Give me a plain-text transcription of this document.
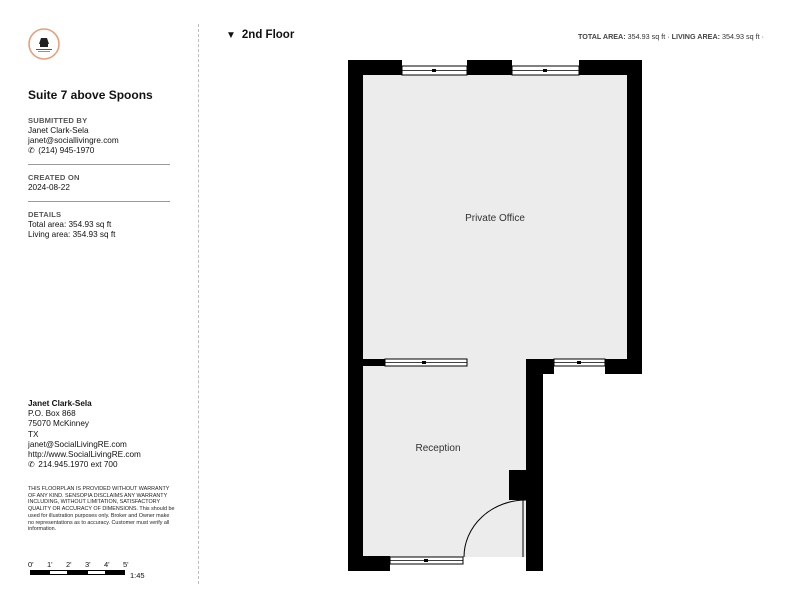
Suite 7 above Spoons
SUBMITTED BY
Janet Clark-Sela
janet@sociallivingre.com
✆ (214) 945-1970
CREATED ON
2024-08-22
DETAILS
Total area: 354.93 sq ft
Living area: 354.93 sq ft
Janet Clark-Sela
P.O. Box 868
75070 McKinney
TX
janet@SocialLivingRE.com
http://www.SocialLivingRE.com
✆ 214.945.1970 ext 700
THIS FLOORPLAN IS PROVIDED WITHOUT WARRANTY OF ANY KIND. SENSOPIA DISCLAIMS ANY WARRANTY INCLUDING, WITHOUT LIMITATION, SATISFACTORY QUALITY OR ACCURACY OF DIMENSIONS. This should be used for illustration purposes only. Broker and Owner make no representations as to accuracy. Customer must verify all information.
0' 1' 2' 3' 4' 5'
1:45
▼ 2nd Floor	TOTAL AREA: 354.93 sq ft · LIVING AREA: 354.93 sq ft ·
Private Office
Reception
